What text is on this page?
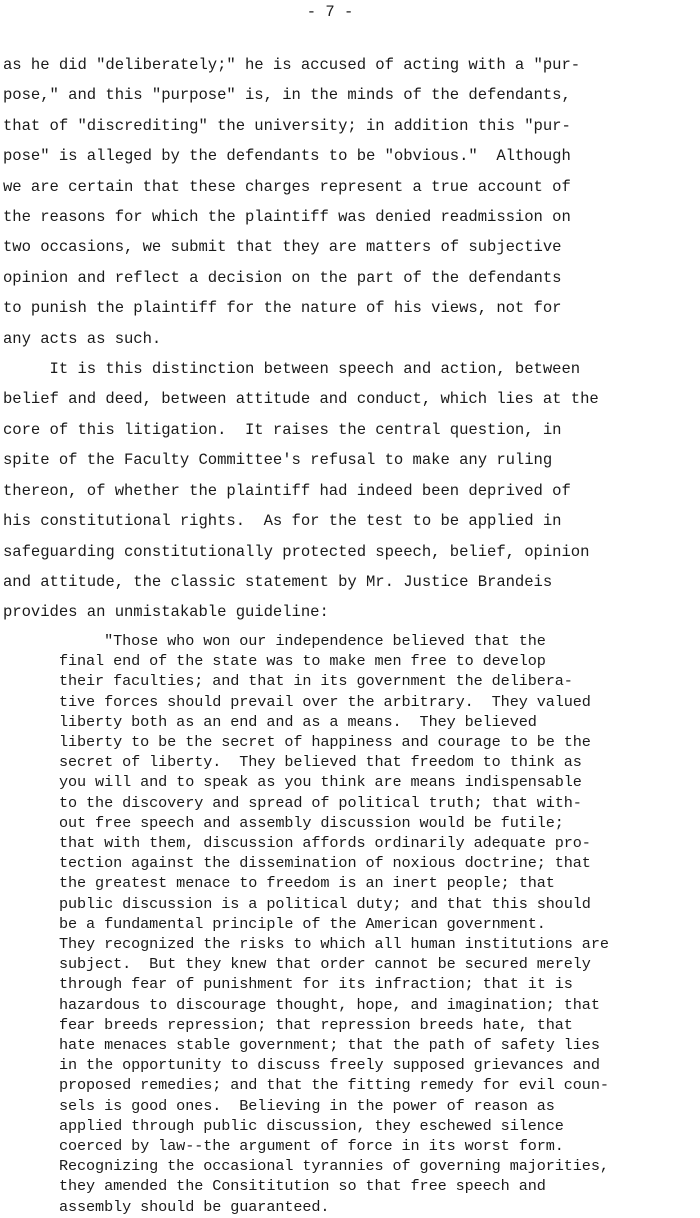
- 7 -
as he did "deliberately;" he is accused of acting with a "pur-
pose," and this "purpose" is, in the minds of the defendants,
that of "discrediting" the university; in addition this "pur-
pose" is alleged by the defendants to be "obvious."  Although
we are certain that these charges represent a true account of
the reasons for which the plaintiff was denied readmission on
two occasions, we submit that they are matters of subjective
opinion and reflect a decision on the part of the defendants
to punish the plaintiff for the nature of his views, not for
any acts as such.
It is this distinction between speech and action, between
belief and deed, between attitude and conduct, which lies at the
core of this litigation.  It raises the central question, in
spite of the Faculty Committee's refusal to make any ruling
thereon, of whether the plaintiff had indeed been deprived of
his constitutional rights.  As for the test to be applied in
safeguarding constitutionally protected speech, belief, opinion
and attitude, the classic statement by Mr. Justice Brandeis
provides an unmistakable guideline:
"Those who won our independence believed that the
final end of the state was to make men free to develop
their faculties; and that in its government the delibera-
tive forces should prevail over the arbitrary.  They valued
liberty both as an end and as a means.  They believed
liberty to be the secret of happiness and courage to be the
secret of liberty.  They believed that freedom to think as
you will and to speak as you think are means indispensable
to the discovery and spread of political truth; that with-
out free speech and assembly discussion would be futile;
that with them, discussion affords ordinarily adequate pro-
tection against the dissemination of noxious doctrine; that
the greatest menace to freedom is an inert people; that
public discussion is a political duty; and that this should
be a fundamental principle of the American government.
They recognized the risks to which all human institutions are
subject.  But they knew that order cannot be secured merely
through fear of punishment for its infraction; that it is
hazardous to discourage thought, hope, and imagination; that
fear breeds repression; that repression breeds hate, that
hate menaces stable government; that the path of safety lies
in the opportunity to discuss freely supposed grievances and
proposed remedies; and that the fitting remedy for evil coun-
sels is good ones.  Believing in the power of reason as
applied through public discussion, they eschewed silence
coerced by law--the argument of force in its worst form.
Recognizing the occasional tyrannies of governing majorities,
they amended the Consititution so that free speech and
assembly should be guaranteed.
